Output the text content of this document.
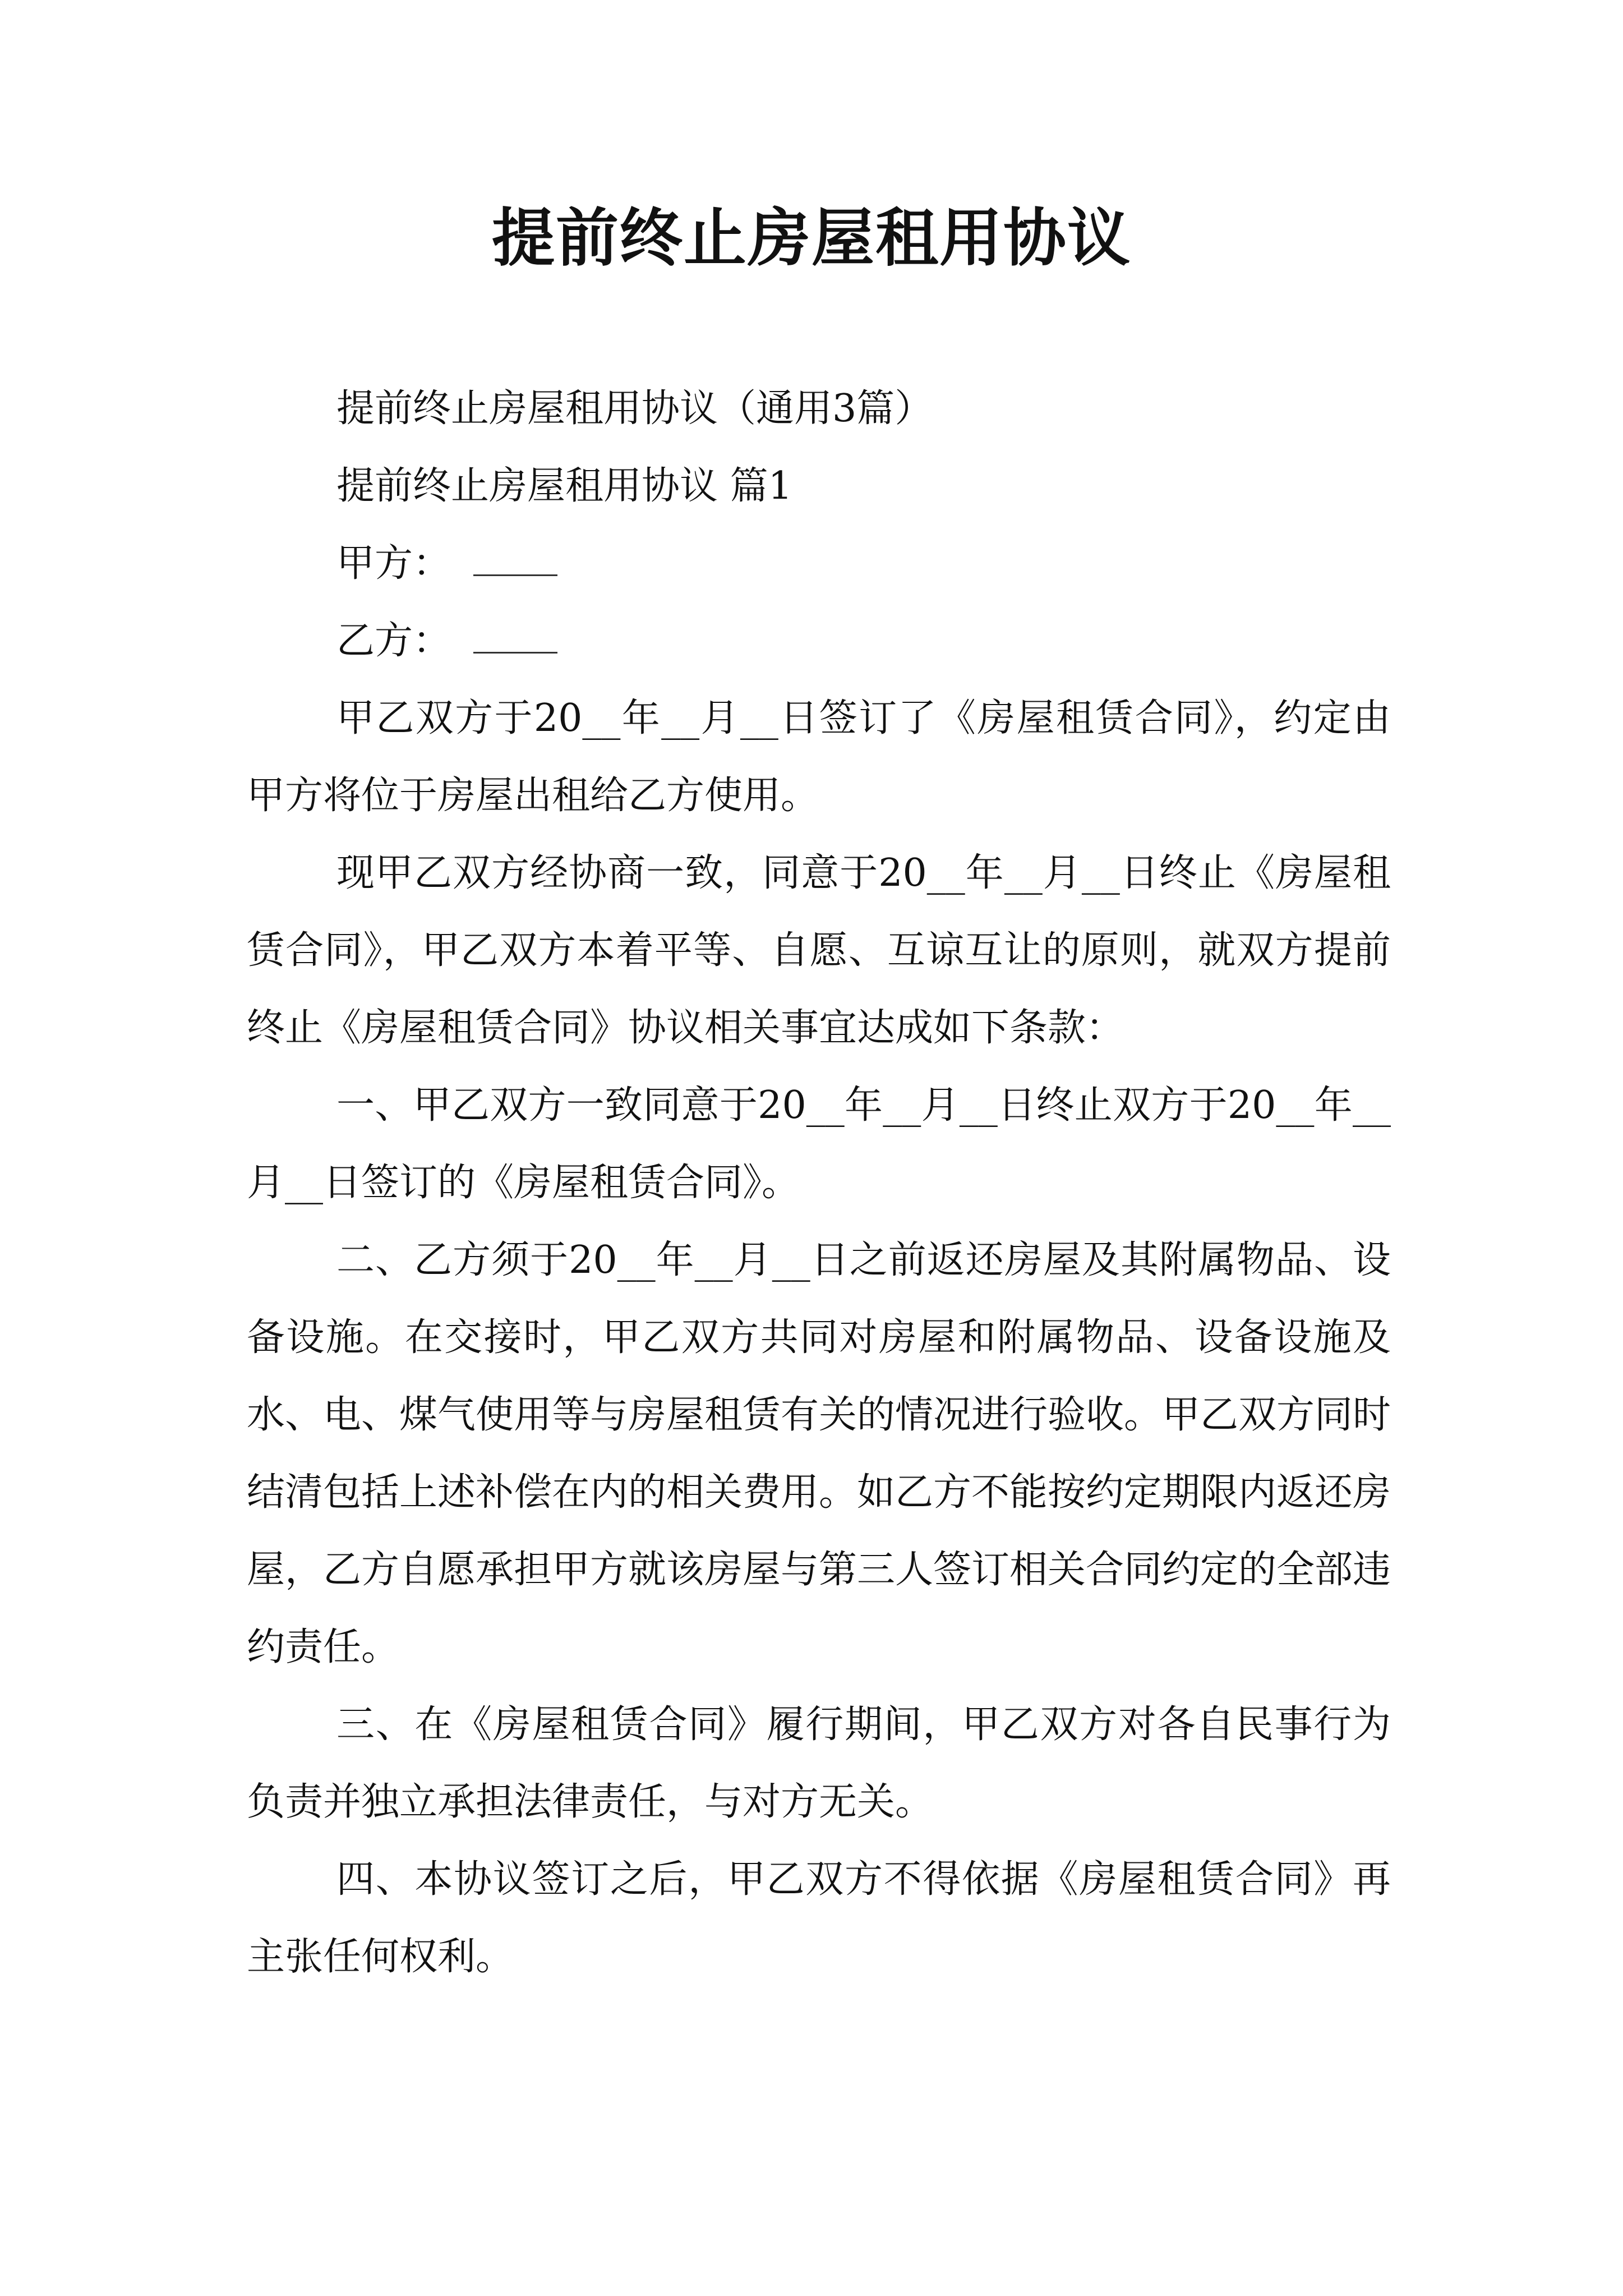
提前终止房屋租用协议

提前终止房屋租用协议（通用3篇）

提前终止房屋租用协议 篇1

甲方：

乙方：

甲乙双方于20__年__月__日签订了《房屋租赁合同》，约定由甲方将位于房屋出租给乙方使用。

现甲乙双方经协商一致，同意于20__年__月__日终止《房屋租赁合同》，甲乙双方本着平等、自愿、互谅互让的原则，就双方提前终止《房屋租赁合同》协议相关事宜达成如下条款：

一、甲乙双方一致同意于20__年__月__日终止双方于20__年__月__日签订的《房屋租赁合同》。

二、乙方须于20__年__月__日之前返还房屋及其附属物品、设备设施。在交接时，甲乙双方共同对房屋和附属物品、设备设施及水、电、煤气使用等与房屋租赁有关的情况进行验收。甲乙双方同时结清包括上述补偿在内的相关费用。如乙方不能按约定期限内返还房屋，乙方自愿承担甲方就该房屋与第三人签订相关合同约定的全部违约责任。

三、在《房屋租赁合同》履行期间，甲乙双方对各自民事行为负责并独立承担法律责任，与对方无关。

四、本协议签订之后，甲乙双方不得依据《房屋租赁合同》再主张任何权利。
